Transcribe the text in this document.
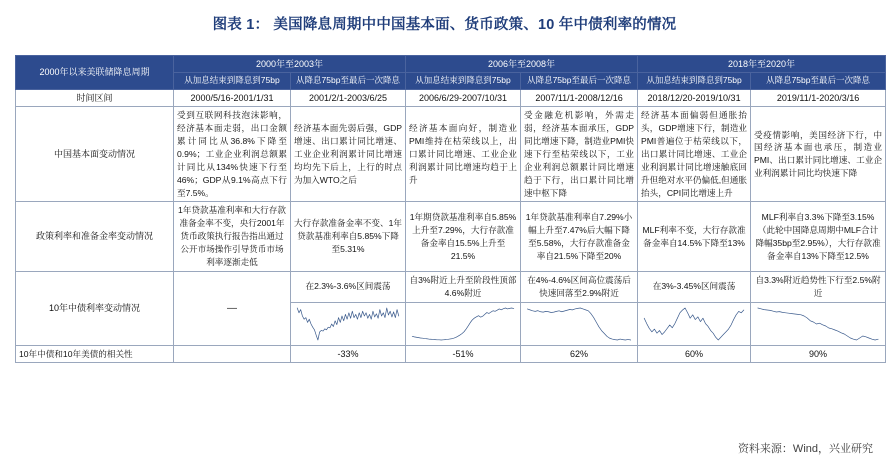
图表 1： 美国降息周期中中国基本面、货币政策、10 年中债利率的情况
2000年以来美联储降息周期	2000年至2003年		2006年至2008年		2018年至2020年	
	从加息结束到降息到75bp	从降息75bp至最后一次降息	从加息结束到降息到75bp	从降息75bp至最后一次降息	从加息结束到降息到75bp	从降息75bp至最后一次降息
时间区间	2000/5/16-2001/1/31	2001/2/1-2003/6/25	2006/6/29-2007/10/31	2007/11/1-2008/12/16	2018/12/20-2019/10/31	2019/11/1-2020/3/16
中国基本面变动情况	受到互联网科技泡沫影响，经济基本面走弱，出口金额累计同比从36.8%下降至0.9%；工业企业利润总额累计同比从134%快速下行至46%；GDP从9.1%高点下行至7.5%。	经济基本面先弱后强，GDP增速、出口累计同比增速、工业企业利润累计同比增速均均先下后上，上行的时点为加入WTO之后	经济基本面向好，制造业PMI维持在枯荣线以上，出口累计同比增速、工业企业利润累计同比增速均趋于上升	受金融危机影响，外需走弱，经济基本面承压，GDP同比增速下降，制造业PMI快速下行至枯荣线以下，工业企业利润总额累计同比增速趋于下行，出口累计同比增速中枢下降	经济基本面偏弱但通胀抬头，GDP增速下行，制造业PMI普遍位于枯荣线以下，出口累计同比增速、工业企业利润累计同比增速触底回升但绝对水平仍偏低,但通胀抬头，CPI同比增速上升	受疫情影响，美国经济下行，中国经济基本面也承压，制造业PMI、出口累计同比增速、工业企业利润累计同比均快速下降
政策利率和准备金率变动情况	1年贷款基准利率和大行存款准备金率不变，央行2001年货币政策执行报告指出通过公开市场操作引导货币市场利率逐渐走低	大行存款准备金率不变、1年贷款基准利率自5.85%下降至5.31%	1年期贷款基准利率自5.85%上升至7.29%，大行存款准备金率自15.5%上升至21.5%	1年贷款基准利率自7.29%小幅上升至7.47%后大幅下降至5.58%，大行存款准备金率自21.5%下降至20%	MLF利率不变，大行存款准备金率自14.5%下降至13%	MLF利率自3.3%下降至3.15%（此轮中国降息周期中MLF合计降幅35bp至2.95%），大行存款准备金率自13%下降至12.5%
10年中债利率变动情况	—	在2.3%-3.6%区间震荡	自3%附近上升至阶段性顶部4.6%附近	在4%-4.6%区间高位震荡后快速回落至2.9%附近	在3%-3.45%区间震荡	自3.3%附近趋势性下行至2.5%附近

10年中债和10年美债的相关性		-33%	-51%	62%	60%	90%
资料来源：Wind，兴业研究
